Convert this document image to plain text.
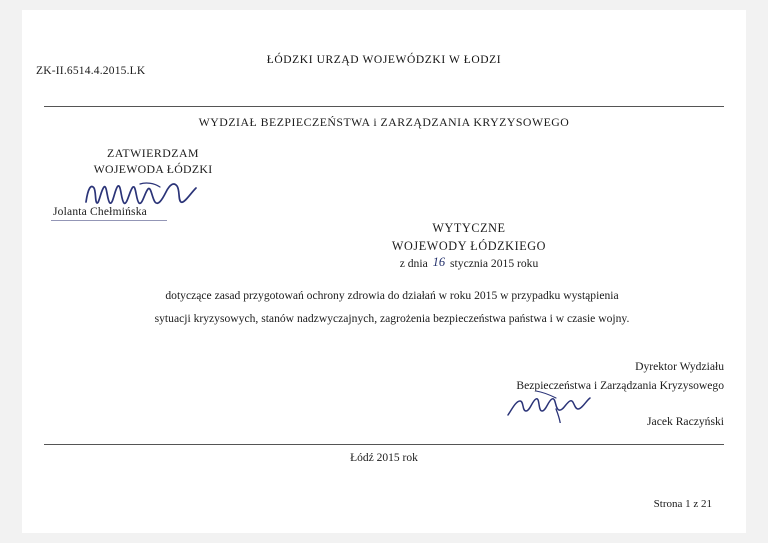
ŁÓDZKI URZĄD WOJEWÓDZKI W ŁODZI
ZK-II.6514.4.2015.LK
WYDZIAŁ BEZPIECZEŃSTWA i ZARZĄDZANIA KRYZYSOWEGO
ZATWIERDZAM
WOJEWODA ŁÓDZKI
Jolanta Chełmińska
WYTYCZNE
WOJEWODY ŁÓDZKIEGO
z dnia 16 stycznia 2015 roku
dotyczące zasad przygotowań ochrony zdrowia do działań w roku 2015 w przypadku wystąpienia
sytuacji kryzysowych, stanów nadzwyczajnych, zagrożenia bezpieczeństwa państwa i w czasie wojny.
Dyrektor Wydziału
Bezpieczeństwa i Zarządzania Kryzysowego
Jacek Raczyński
Łódź 2015 rok
Strona 1 z 21
